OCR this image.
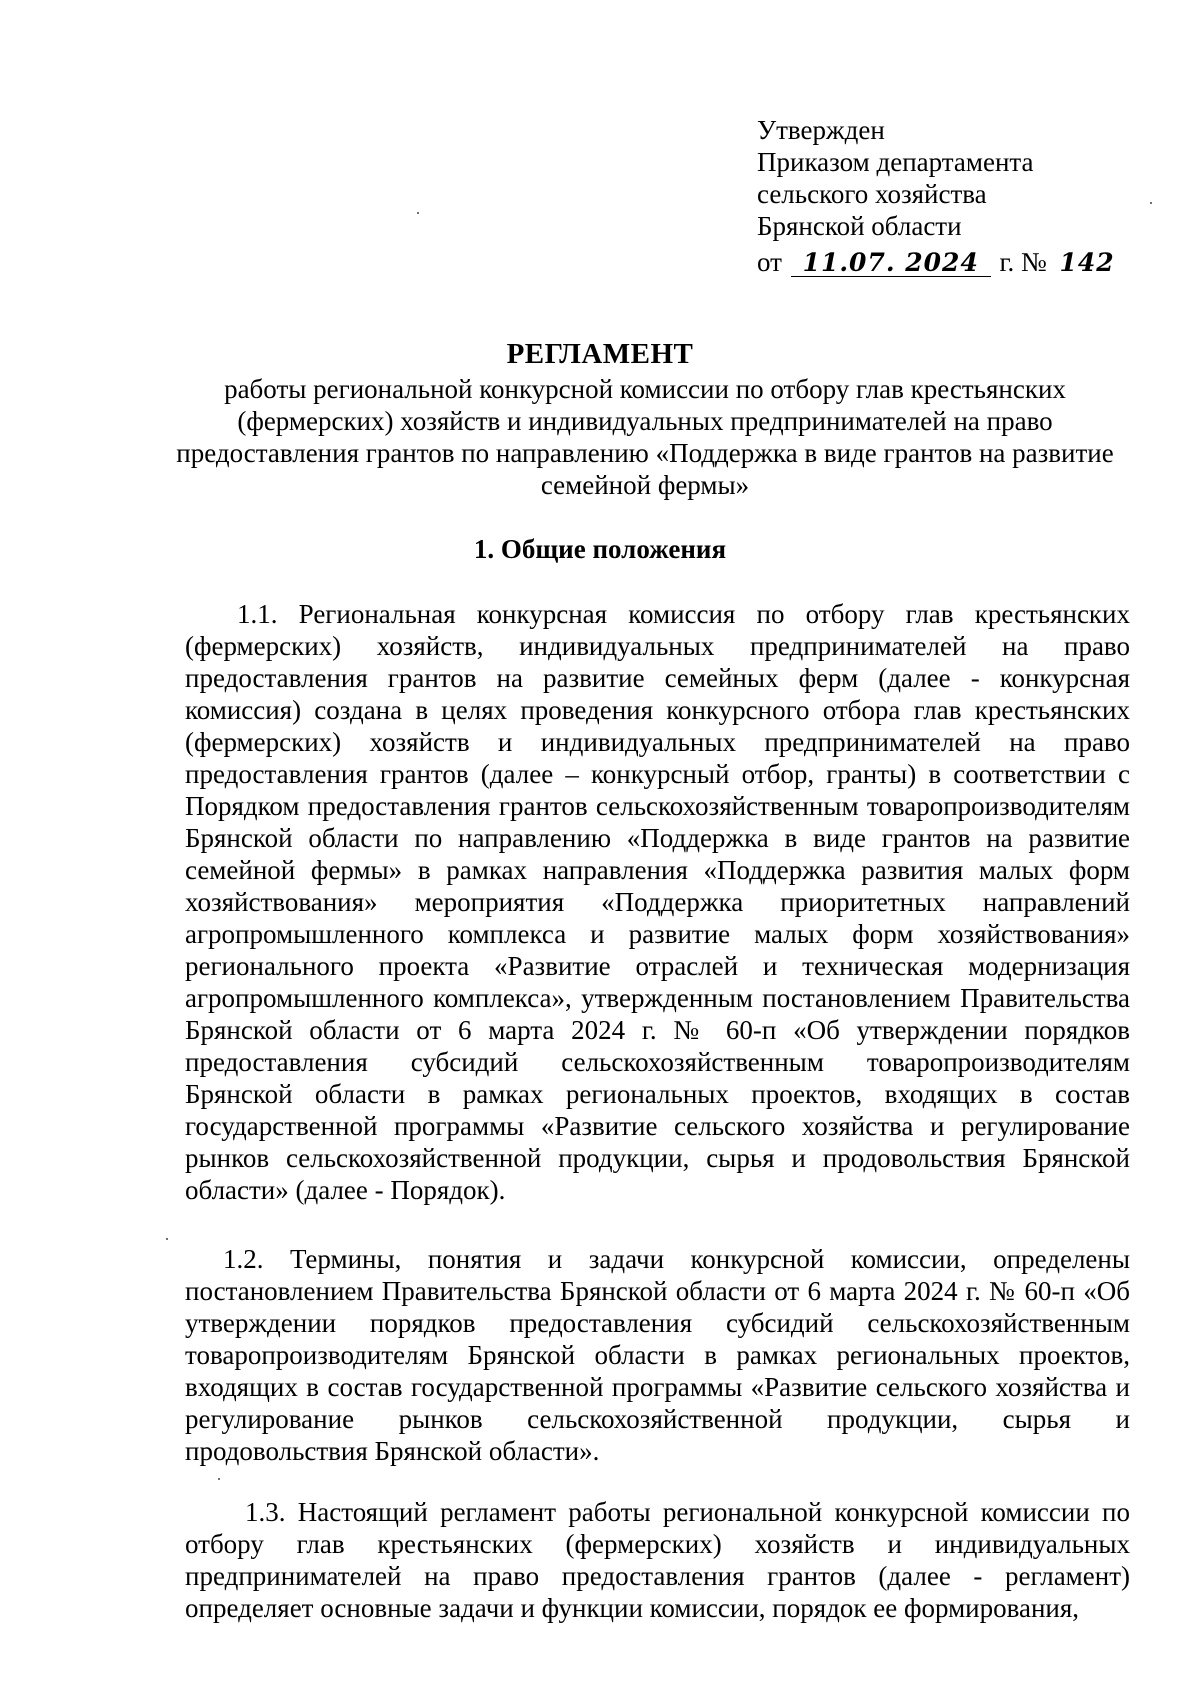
Утвержден
Приказом департамента
сельского хозяйства
Брянской области
от 11.07. 2024 г. № 142
РЕГЛАМЕНТ
работы региональной конкурсной комиссии по отбору глав крестьянских (фермерских) хозяйств и индивидуальных предпринимателей на право предоставления грантов по направлению «Поддержка в виде грантов на развитие семейной фермы»
1. Общие положения
1.1. Региональная конкурсная комиссия по отбору глав крестьянских (фермерских) хозяйств, индивидуальных предпринимателей на право предоставления грантов на развитие семейных ферм (далее - конкурсная комиссия) создана в целях проведения конкурсного отбора глав крестьянских (фермерских) хозяйств и индивидуальных предпринимателей на право предоставления грантов (далее – конкурсный отбор, гранты) в соответствии с Порядком предоставления грантов сельскохозяйственным товаропроизводителям Брянской области по направлению «Поддержка в виде грантов на развитие семейной фермы» в рамках направления «Поддержка развития малых форм хозяйствования» мероприятия «Поддержка приоритетных направлений агропромышленного комплекса и развитие малых форм хозяйствования» регионального проекта «Развитие отраслей и техническая модернизация агропромышленного комплекса», утвержденным постановлением Правительства Брянской области от 6 марта 2024 г. № 60-п «Об утверждении порядков предоставления субсидий сельскохозяйственным товаропроизводителям Брянской области в рамках региональных проектов, входящих в состав государственной программы «Развитие сельского хозяйства и регулирование рынков сельскохозяйственной продукции, сырья и продовольствия Брянской области» (далее - Порядок).
1.2. Термины, понятия и задачи конкурсной комиссии, определены постановлением Правительства Брянской области от 6 марта 2024 г. № 60-п «Об утверждении порядков предоставления субсидий сельскохозяйственным товаропроизводителям Брянской области в рамках региональных проектов, входящих в состав государственной программы «Развитие сельского хозяйства и регулирование рынков сельскохозяйственной продукции, сырья и продовольствия Брянской области».
1.3. Настоящий регламент работы региональной конкурсной комиссии по отбору глав крестьянских (фермерских) хозяйств и индивидуальных предпринимателей на право предоставления грантов (далее - регламент) определяет основные задачи и функции комиссии, порядок ее формирования,
